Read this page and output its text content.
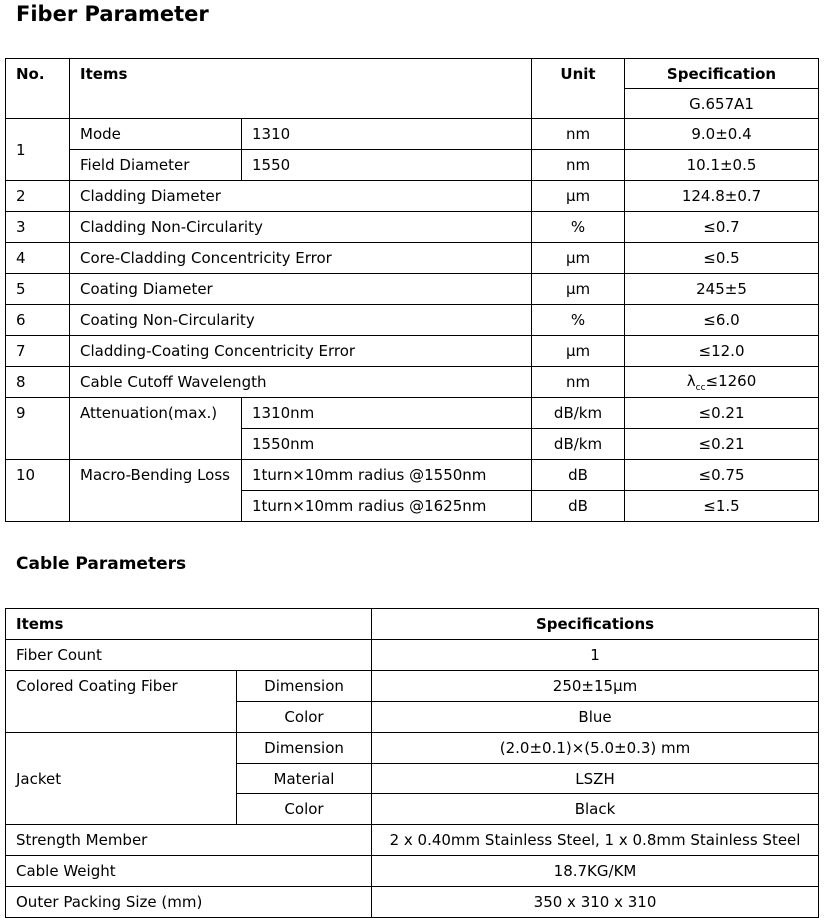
Fiber Parameter
No.	Items		Unit	Specification
				G.657A1
1	Mode	1310	nm	9.0±0.4
	Field Diameter	1550	nm	10.1±0.5
2	Cladding Diameter		μm	124.8±0.7
3	Cladding Non-Circularity		%	≤0.7
4	Core-Cladding Concentricity Error		μm	≤0.5
5	Coating Diameter		μm	245±5
6	Coating Non-Circularity		%	≤6.0
7	Cladding-Coating Concentricity Error		μm	≤12.0
8	Cable Cutoff Wavelength		nm	$\lambda_{cc}\le 1260$
9	Attenuation(max.)	1310nm	dB/km	≤0.21
		1550nm	dB/km	≤0.21
10	Macro-Bending Loss	1turn×10mm radius @1550nm	dB	≤0.75
		1turn×10mm radius @1625nm	dB	≤1.5
Cable Parameters
Items		Specifications
Fiber Count		1
Colored Coating Fiber	Dimension	250±15μm
	Color	Blue
Jacket	Dimension	(2.0±0.1)×(5.0±0.3) mm
	Material	LSZH
	Color	Black
Strength Member		2 x 0.40mm Stainless Steel, 1 x 0.8mm Stainless Steel
Cable Weight		18.7KG/KM
Outer Packing Size (mm)		350 x 310 x 310
